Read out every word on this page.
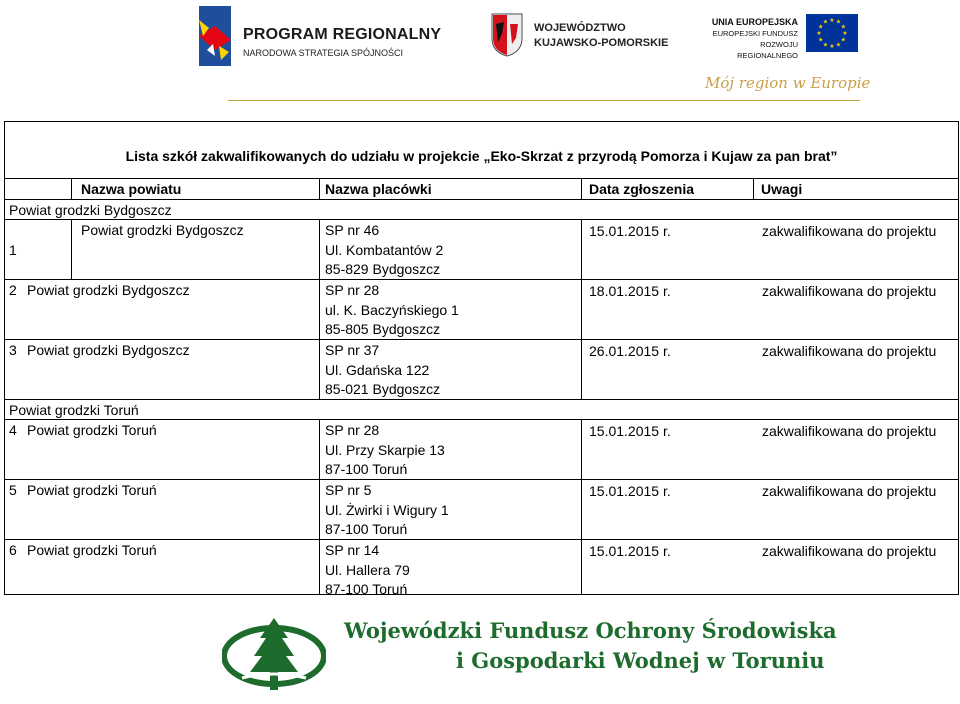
PROGRAM REGIONALNY
NARODOWA STRATEGIA SPÓJNOŚCI
WOJEWÓDZTWO
KUJAWSKO-POMORSKIE
UNIA EUROPEJSKA
EUROPEJSKI FUNDUSZ
ROZWOJU REGIONALNEGO
★ ★
★
★
★
★
★
★
★
★
★
★
Mój region w Europie
Lista szkół zakwalifikowanych do udziału w projekcie „Eko-Skrzat z przyrodą Pomorza i Kujaw za pan brat”
Nazwa powiatu	Nazwa placówki	Data zgłoszenia	Uwagi
Powiat grodzki Bydgoszcz
1
Powiat grodzki Bydgoszcz	SP nr 46
Ul. Kombatantów 2
85-829 Bydgoszcz
15.01.2015 r.	zakwalifikowana do projektu
2 Powiat grodzki Bydgoszcz	SP nr 28
ul. K. Baczyńskiego 1
85-805 Bydgoszcz
18.01.2015 r.	zakwalifikowana do projektu
3 Powiat grodzki Bydgoszcz	SP nr 37
Ul. Gdańska 122
85-021 Bydgoszcz
26.01.2015 r.	zakwalifikowana do projektu
Powiat grodzki Toruń
4 Powiat grodzki Toruń	SP nr 28
Ul. Przy Skarpie 13
87-100 Toruń
15.01.2015 r.	zakwalifikowana do projektu
5 Powiat grodzki Toruń	SP nr 5
Ul. Żwirki i Wigury 1
87-100 Toruń
15.01.2015 r.	zakwalifikowana do projektu
6 Powiat grodzki Toruń	SP nr 14
Ul. Hallera 79
87-100 Toruń
15.01.2015 r.	zakwalifikowana do projektu
Wojewódzki Fundusz Ochrony Środowiska
i Gospodarki Wodnej w Toruniu
